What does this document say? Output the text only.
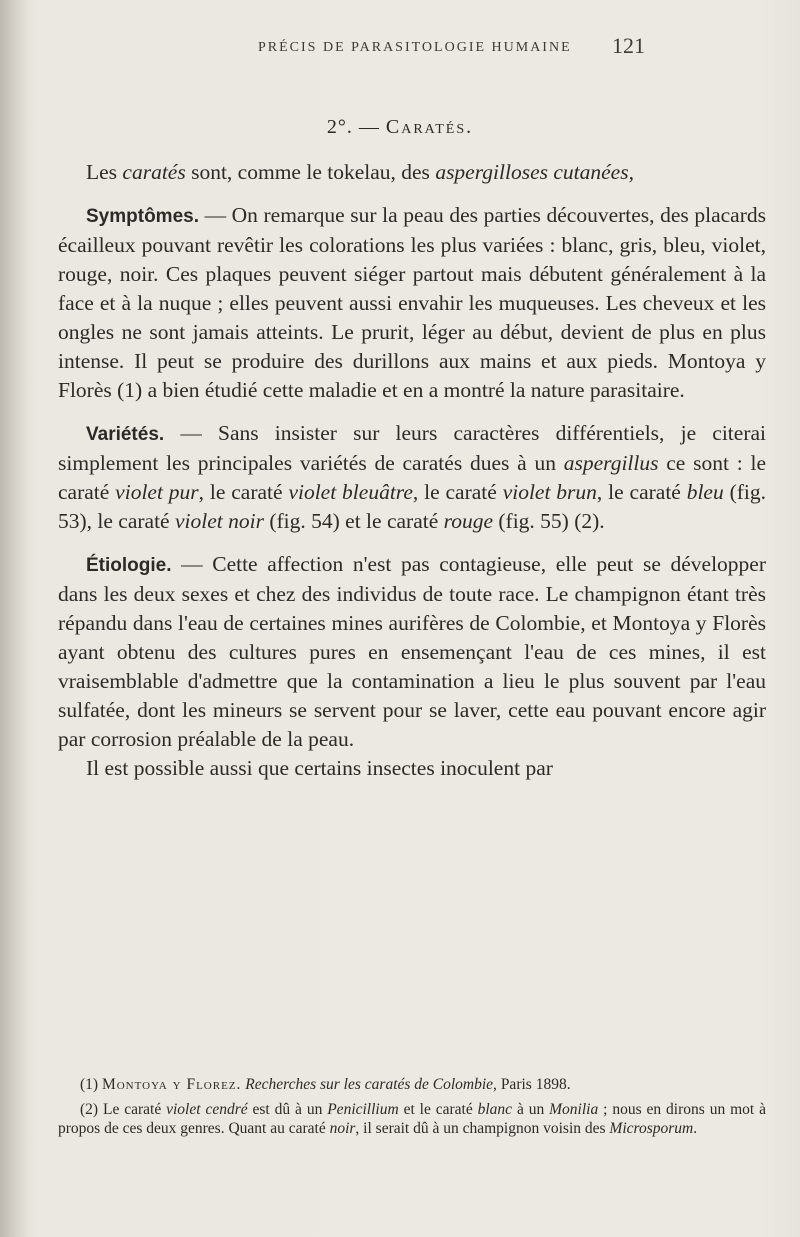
PRÉCIS DE PARASITOLOGIE HUMAINE 121
2°. — Caratés.

Les caratés sont, comme le tokelau, des aspergilloses cutanées,

Symptômes. — On remarque sur la peau des parties découvertes, des placards écailleux pouvant revêtir les colorations les plus variées : blanc, gris, bleu, violet, rouge, noir. Ces plaques peuvent siéger partout mais débutent généralement à la face et à la nuque ; elles peuvent aussi envahir les muqueuses. Les cheveux et les ongles ne sont jamais atteints. Le prurit, léger au début, devient de plus en plus intense. Il peut se produire des durillons aux mains et aux pieds. Montoya y Florès (1) a bien étudié cette maladie et en a montré la nature parasitaire.

Variétés. — Sans insister sur leurs caractères différentiels, je citerai simplement les principales variétés de caratés dues à un aspergillus ce sont : le caraté violet pur, le caraté violet bleuâtre, le caraté violet brun, le caraté bleu (fig. 53), le caraté violet noir (fig. 54) et le caraté rouge (fig. 55) (2).

Étiologie. — Cette affection n'est pas contagieuse, elle peut se développer dans les deux sexes et chez des individus de toute race. Le champignon étant très répandu dans l'eau de certaines mines aurifères de Colombie, et Montoya y Florès ayant obtenu des cultures pures en ensemençant l'eau de ces mines, il est vraisemblable d'admettre que la contamination a lieu le plus souvent par l'eau sulfatée, dont les mineurs se servent pour se laver, cette eau pouvant encore agir par corrosion préalable de la peau.

Il est possible aussi que certains insectes inoculent par

(1) Montoya y Florez. Recherches sur les caratés de Colombie, Paris 1898.

(2) Le caraté violet cendré est dû à un Penicillium et le caraté blanc à un Monilia ; nous en dirons un mot à propos de ces deux genres. Quant au caraté noir, il serait dû à un champignon voisin des Microsporum.
